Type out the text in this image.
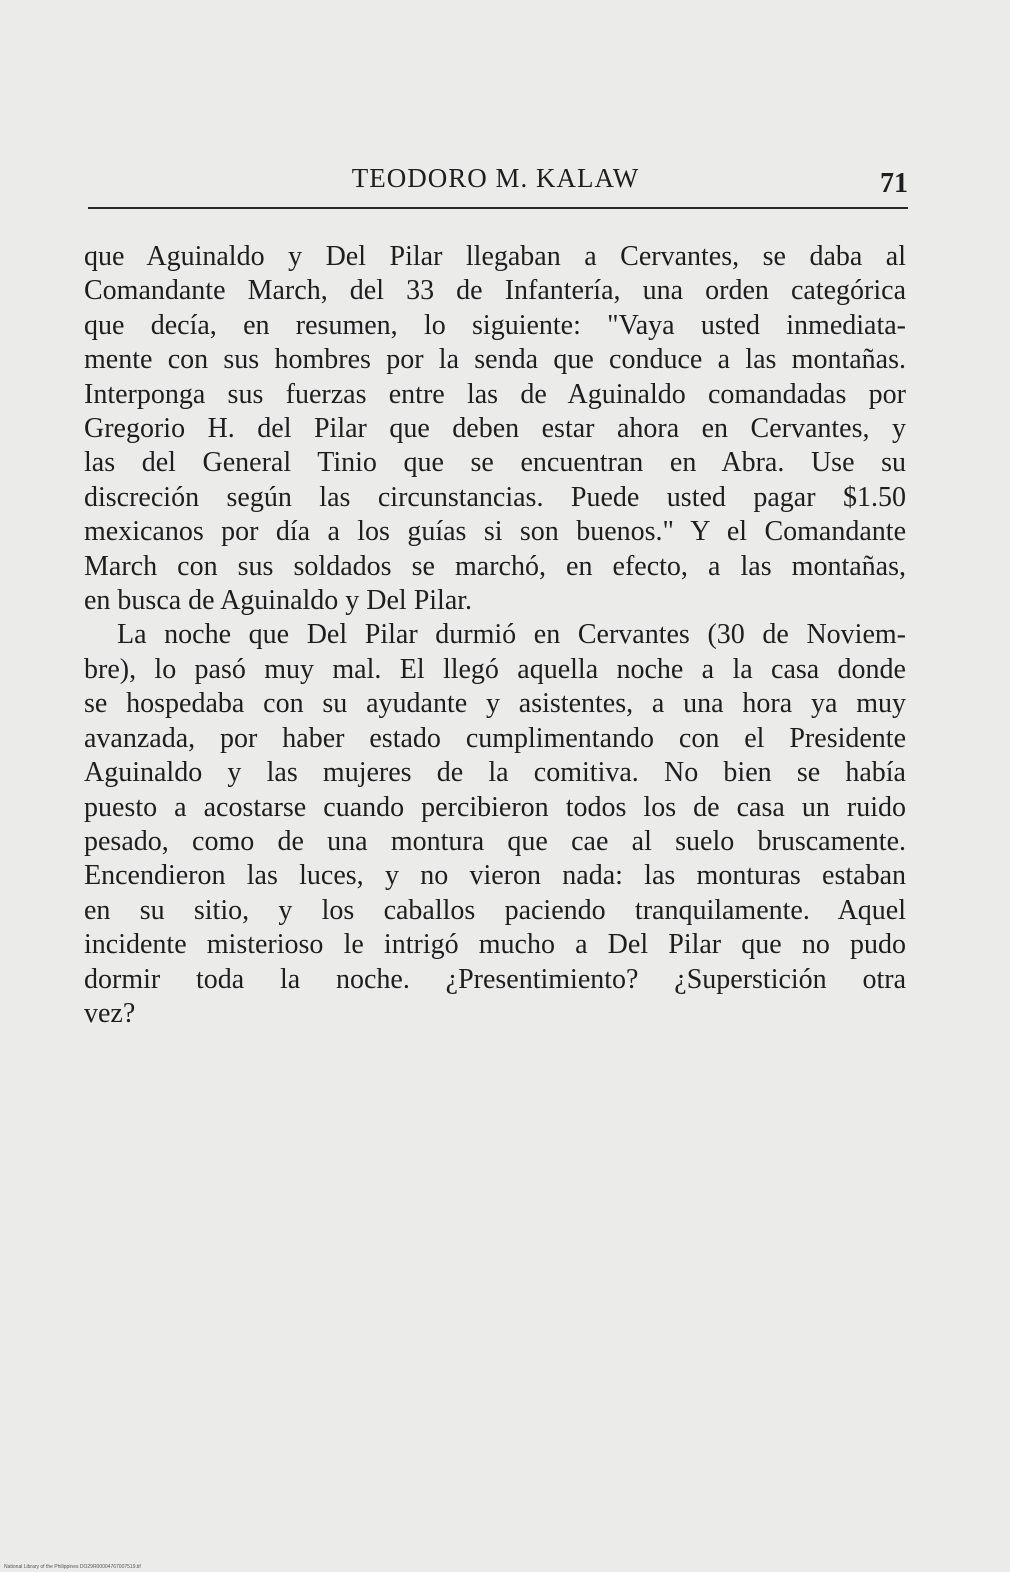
TEODORO M. KALAW	71

que Aguinaldo y Del Pilar llegaban a Cervantes, se daba al

Comandante March, del 33 de Infantería, una orden categórica

que decía, en resumen, lo siguiente: "Vaya usted inmediata-

mente con sus hombres por la senda que conduce a las montañas.

Interponga sus fuerzas entre las de Aguinaldo comandadas por

Gregorio H. del Pilar que deben estar ahora en Cervantes, y

las del General Tinio que se encuentran en Abra. Use su

discreción según las circunstancias. Puede usted pagar $1.50

mexicanos por día a los guías si son buenos." Y el Comandante

March con sus soldados se marchó, en efecto, a las montañas,

en busca de Aguinaldo y Del Pilar.

La noche que Del Pilar durmió en Cervantes (30 de Noviem-

bre), lo pasó muy mal. El llegó aquella noche a la casa donde

se hospedaba con su ayudante y asistentes, a una hora ya muy

avanzada, por haber estado cumplimentando con el Presidente

Aguinaldo y las mujeres de la comitiva. No bien se había

puesto a acostarse cuando percibieron todos los de casa un ruido

pesado, como de una montura que cae al suelo bruscamente.

Encendieron las luces, y no vieron nada: las monturas estaban

en su sitio, y los caballos paciendo tranquilamente. Aquel

incidente misterioso le intrigó mucho a Del Pilar que no pudo

dormir toda la noche. ¿Presentimiento? ¿Superstición otra

vez?

National Library of the Philippines DO29R00004767007519.tif
